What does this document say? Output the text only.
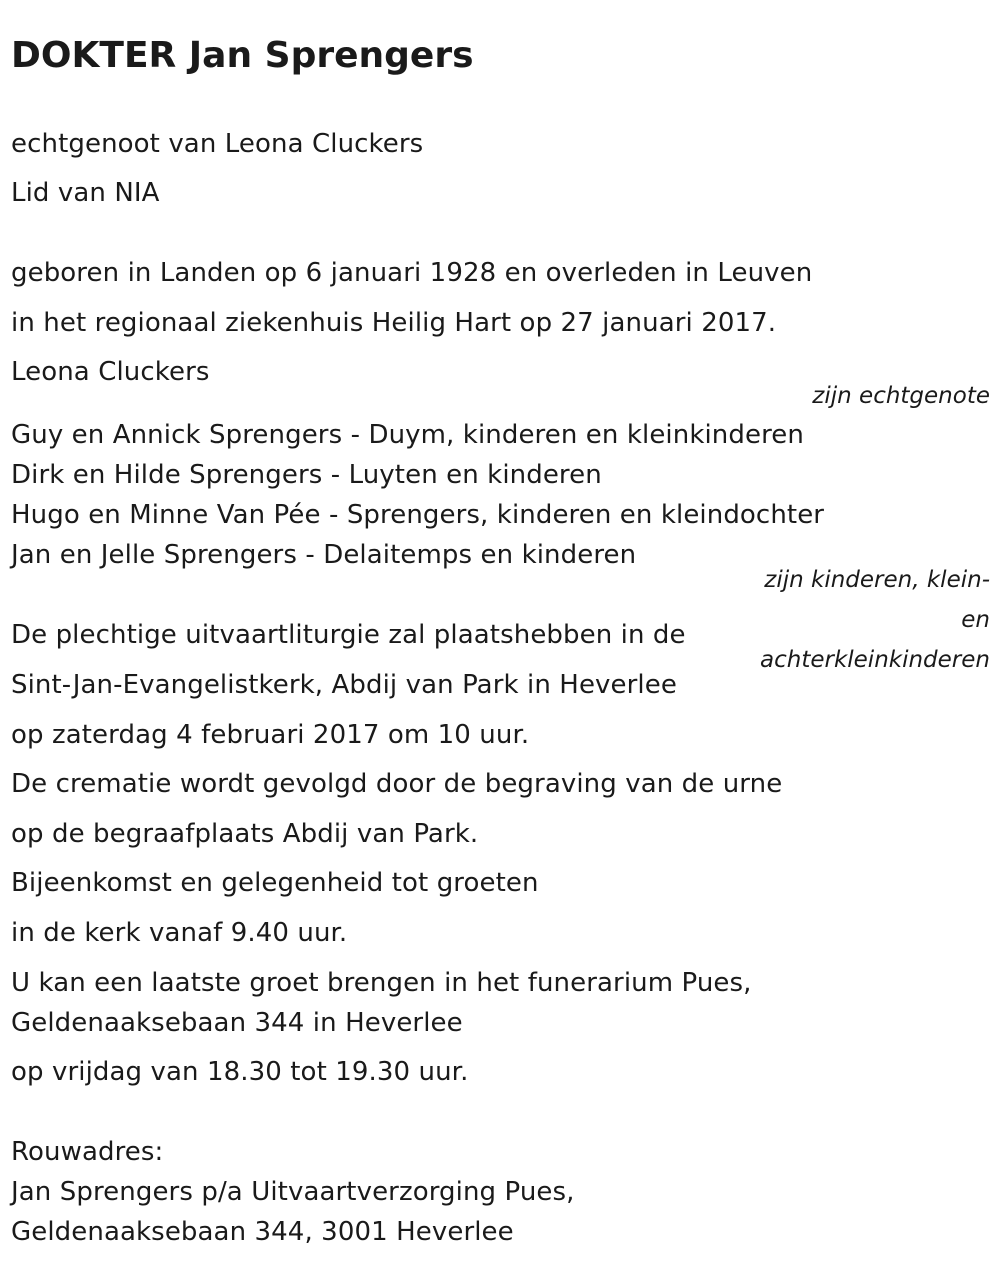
DOKTER Jan Sprengers
echtgenoot van Leona Cluckers
Lid van NIA
geboren in Landen op 6 januari 1928 en overleden in Leuven
in het regionaal ziekenhuis Heilig Hart op 27 januari 2017.
Leona Cluckers
zijn echtgenote
Guy en Annick Sprengers - Duym, kinderen en kleinkinderen
Dirk en Hilde Sprengers - Luyten en kinderen
Hugo en Minne Van Pée - Sprengers, kinderen en kleindochter
Jan en Jelle Sprengers - Delaitemps en kinderen
zijn kinderen, klein-
en
achterkleinkinderen
De plechtige uitvaartliturgie zal plaatshebben in de
Sint-Jan-Evangelistkerk, Abdij van Park in Heverlee
op zaterdag 4 februari 2017 om 10 uur.
De crematie wordt gevolgd door de begraving van de urne
op de begraafplaats Abdij van Park.
Bijeenkomst en gelegenheid tot groeten
in de kerk vanaf 9.40 uur.
U kan een laatste groet brengen in het funerarium Pues,
Geldenaaksebaan 344 in Heverlee
op vrijdag van 18.30 tot 19.30 uur.
Rouwadres:
Jan Sprengers p/a Uitvaartverzorging Pues,
Geldenaaksebaan 344, 3001 Heverlee
